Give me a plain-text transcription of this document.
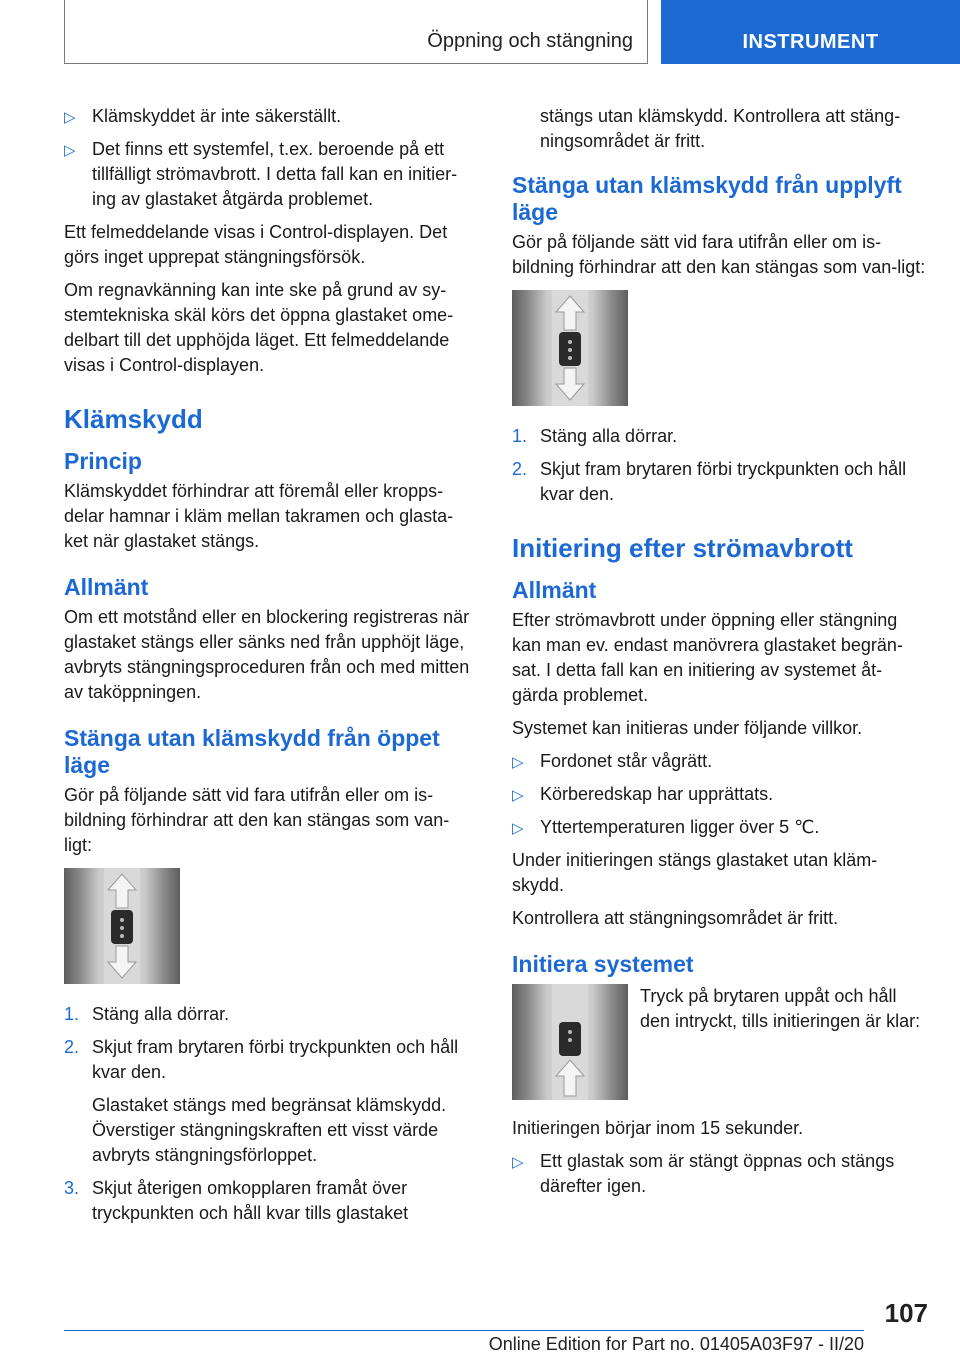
Öppning och stängning	INSTRUMENT
▷ Klämskyddet är inte säkerställt.
▷ Det finns ett systemfel, t.ex. beroende på ett tillfälligt strömavbrott. I detta fall kan en initier-ing av glastaket åtgärda problemet.

Ett felmeddelande visas i Control-displayen. Det görs inget upprepat stängningsförsök.

Om regnavkänning kan inte ske på grund av sy-stemtekniska skäl körs det öppna glastaket ome-delbart till det upphöjda läget. Ett felmeddelande visas i Control-displayen.

Klämskydd
Princip

Klämskyddet förhindrar att föremål eller kropps-delar hamnar i kläm mellan takramen och glasta-ket när glastaket stängs.

Allmänt

Om ett motstånd eller en blockering registreras när glastaket stängs eller sänks ned från upphöjt läge, avbryts stängningsproceduren från och med mitten av taköppningen.

Stänga utan klämskydd från öppet läge

Gör på följande sätt vid fara utifrån eller om is-bildning förhindrar att den kan stängas som van-ligt:

1. Stäng alla dörrar.
2. Skjut fram brytaren förbi tryckpunkten och håll kvar den.
Glastaket stängs med begränsat klämskydd. Överstiger stängningskraften ett visst värde avbryts stängningsförloppet.
3. Skjut återigen omkopplaren framåt över tryckpunkten och håll kvar tills glastaket

stängs utan klämskydd. Kontrollera att stäng-ningsområdet är fritt.

Stänga utan klämskydd från upplyft läge

Gör på följande sätt vid fara utifrån eller om is-bildning förhindrar att den kan stängas som van-ligt:

1. Stäng alla dörrar.
2. Skjut fram brytaren förbi tryckpunkten och håll kvar den.
Initiering efter strömavbrott
Allmänt

Efter strömavbrott under öppning eller stängning kan man ev. endast manövrera glastaket begrän-sat. I detta fall kan en initiering av systemet åt-gärda problemet.

Systemet kan initieras under följande villkor.

▷ Fordonet står vågrätt.
▷ Körberedskap har upprättats.
▷ Yttertemperaturen ligger över 5 ℃.

Under initieringen stängs glastaket utan kläm-skydd.

Kontrollera att stängningsområdet är fritt.

Initiera systemet
Tryck på brytaren uppåt och håll den intryckt, tills initieringen är klar:

Initieringen börjar inom 15 sekunder.

▷ Ett glastak som är stängt öppnas och stängs därefter igen.
107
Online Edition for Part no. 01405A03F97 - II/20
